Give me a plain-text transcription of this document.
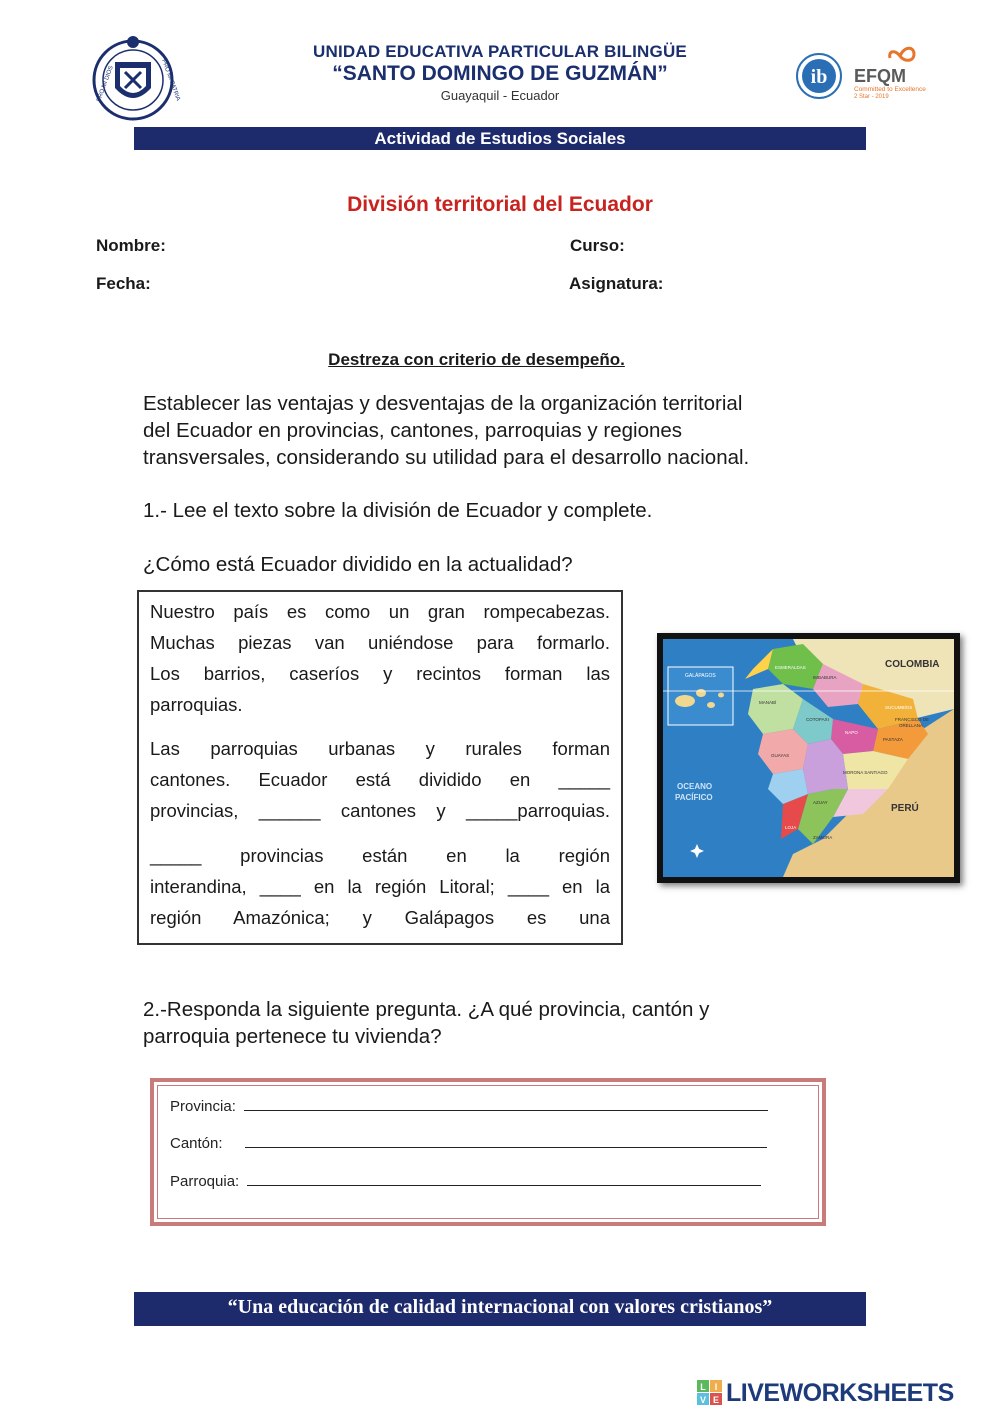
PRO MI DIOS	PRO MI PATRIA
UNIDAD EDUCATIVA PARTICULAR BILINGÜE
“SANTO DOMINGO DE GUZMÁN”
Guayaquil - Ecuador
ib EFQM
Committed to Excellence
2 Star - 2019
Actividad de Estudios Sociales
División territorial del Ecuador
Nombre:	Curso:
Fecha:	Asignatura:
Destreza con criterio de desempeño.
Establecer las ventajas y desventajas de la organización territorial
del Ecuador en provincias, cantones, parroquias y regiones
transversales, considerando su utilidad para el desarrollo nacional.
1.- Lee el texto sobre la división de Ecuador y complete.
¿Cómo está Ecuador dividido en la actualidad?
Nuestro país es como un gran rompecabezas.
Muchas piezas van uniéndose para formarlo.
Los barrios, caseríos y recintos forman las
parroquias.
Las parroquias urbanas y rurales forman
cantones. Ecuador está dividido en _____
provincias, ______ cantones y _____parroquias.
_____ provincias están en la región
interandina, ____ en la región Litoral; ____ en la
región Amazónica; y Galápagos es una
COLOMBIA
PERÚ
OCEANO
PACÍFICO
GALÁPAGOS
ESMERALDAS
SUCUMBÍOS
FRANCISCO DE
ORELLANA
PASTAZA
MANABÍ
GUAYAS
AZUAY
LOJA
ZAMORA
MORONA SANTIAGO
NAPO
COTOPAXI
IMBABURA
2.-Responda la siguiente pregunta. ¿A qué provincia, cantón y
parroquia pertenece tu vivienda?
Provincia:
Cantón:
Parroquia:
“Una educación de calidad internacional con valores cristianos”
L I
V E LIVEWORKSHEETS
